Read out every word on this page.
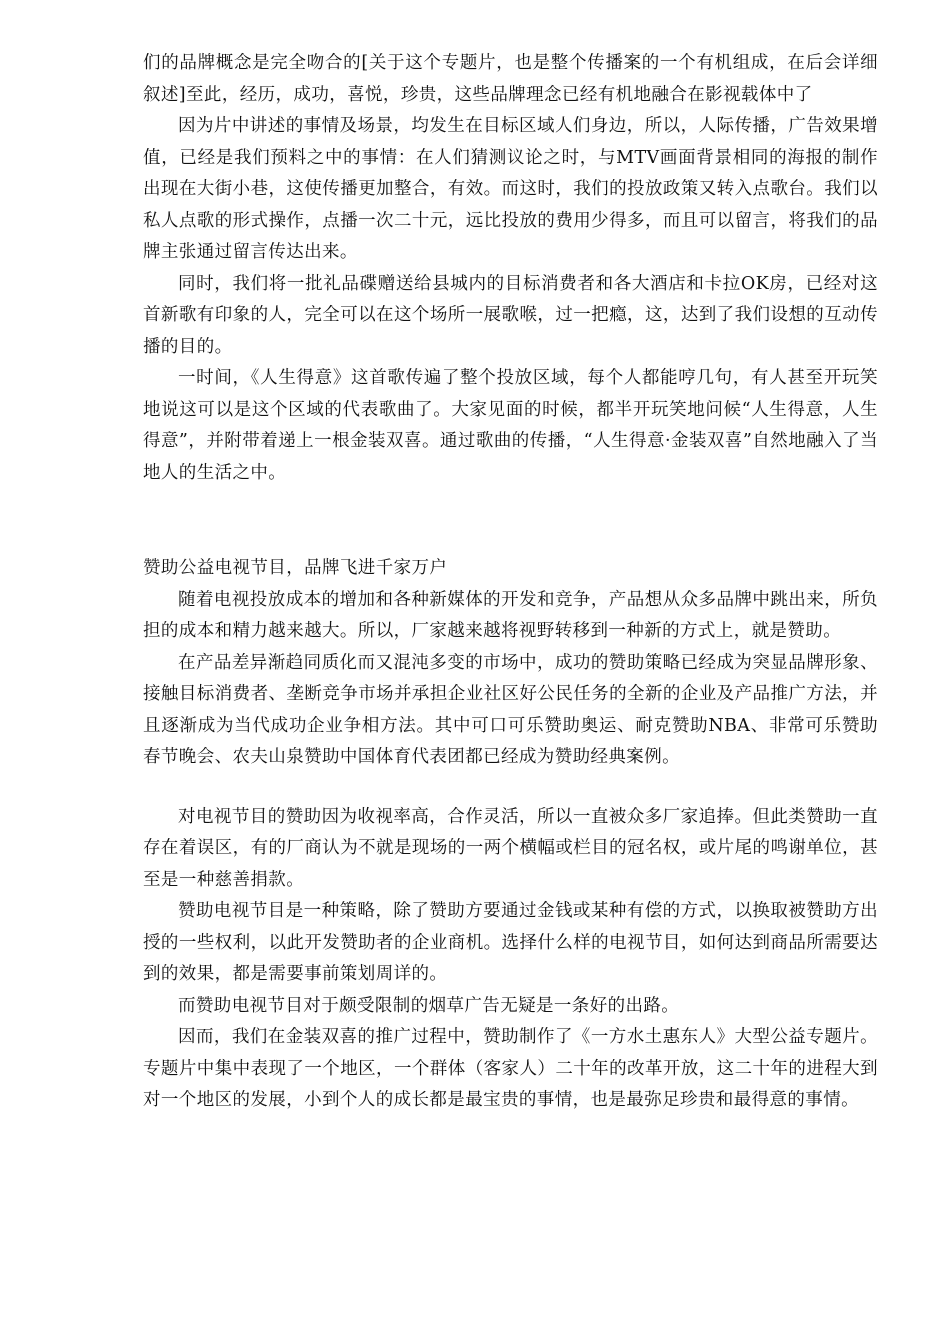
们的品牌概念是完全吻合的[关于这个专题片，也是整个传播案的一个有机组成，在后会详细叙述]至此，经历，成功，喜悦，珍贵，这些品牌理念已经有机地融合在影视载体中了

因为片中讲述的事情及场景，均发生在目标区域人们身边，所以，人际传播，广告效果增值，已经是我们预料之中的事情：在人们猜测议论之时，与MTV画面背景相同的海报的制作出现在大街小巷，这使传播更加整合，有效。而这时，我们的投放政策又转入点歌台。我们以私人点歌的形式操作，点播一次二十元，远比投放的费用少得多，而且可以留言，将我们的品牌主张通过留言传达出来。

同时，我们将一批礼品碟赠送给县城内的目标消费者和各大酒店和卡拉OK房，已经对这首新歌有印象的人，完全可以在这个场所一展歌喉，过一把瘾，这，达到了我们设想的互动传播的目的。

一时间，《人生得意》这首歌传遍了整个投放区域，每个人都能哼几句，有人甚至开玩笑地说这可以是这个区域的代表歌曲了。大家见面的时候，都半开玩笑地问候“人生得意，人生得意”，并附带着递上一根金装双喜。通过歌曲的传播，“人生得意·金装双喜”自然地融入了当地人的生活之中。

赞助公益电视节目，品牌飞进千家万户

随着电视投放成本的增加和各种新媒体的开发和竞争，产品想从众多品牌中跳出来，所负担的成本和精力越来越大。所以，厂家越来越将视野转移到一种新的方式上，就是赞助。

在产品差异渐趋同质化而又混沌多变的市场中，成功的赞助策略已经成为突显品牌形象、接触目标消费者、垄断竞争市场并承担企业社区好公民任务的全新的企业及产品推广方法，并且逐渐成为当代成功企业争相方法。其中可口可乐赞助奥运、耐克赞助NBA、非常可乐赞助春节晚会、农夫山泉赞助中国体育代表团都已经成为赞助经典案例。

对电视节目的赞助因为收视率高，合作灵活，所以一直被众多厂家追捧。但此类赞助一直存在着误区，有的厂商认为不就是现场的一两个横幅或栏目的冠名权，或片尾的鸣谢单位，甚至是一种慈善捐款。

赞助电视节目是一种策略，除了赞助方要通过金钱或某种有偿的方式，以换取被赞助方出授的一些权利，以此开发赞助者的企业商机。选择什么样的电视节目，如何达到商品所需要达到的效果，都是需要事前策划周详的。

而赞助电视节目对于颇受限制的烟草广告无疑是一条好的出路。

因而，我们在金装双喜的推广过程中，赞助制作了《一方水土惠东人》大型公益专题片。专题片中集中表现了一个地区，一个群体（客家人）二十年的改革开放，这二十年的进程大到对一个地区的发展，小到个人的成长都是最宝贵的事情，也是最弥足珍贵和最得意的事情。
